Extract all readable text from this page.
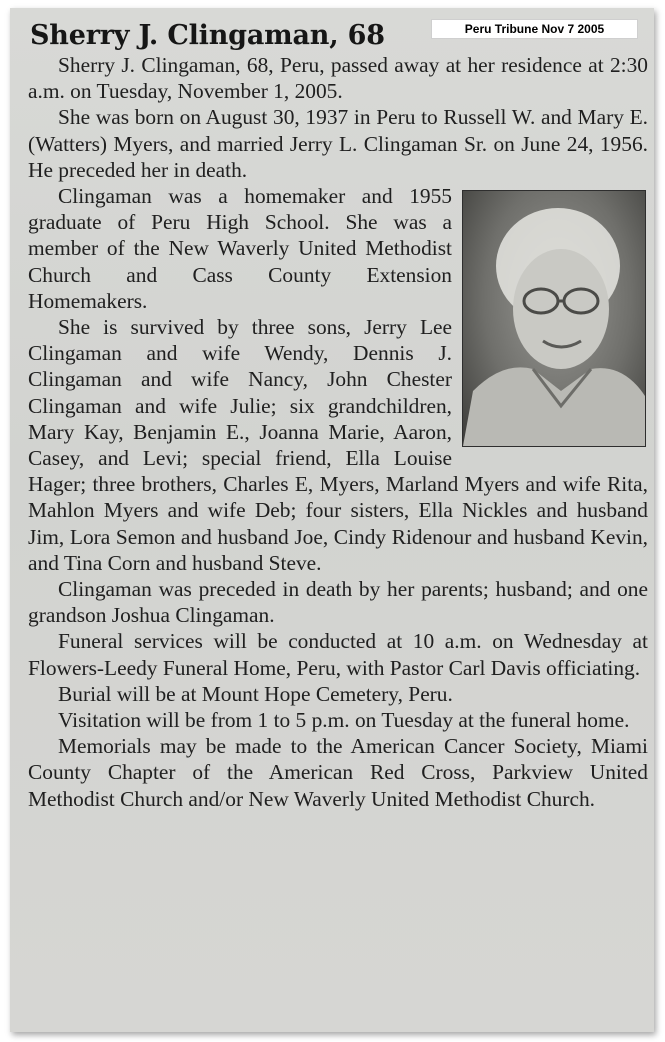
Peru Tribune Nov 7 2005
Sherry J. Clingaman, 68

Sherry J. Clingaman, 68, Peru, passed away at her residence at 2:30 a.m. on Tuesday, November 1, 2005.

She was born on August 30, 1937 in Peru to Russell W. and Mary E. (Watters) Myers, and married Jerry L. Clingaman Sr. on June 24, 1956. He preceded her in death.

Clingaman was a homemaker and 1955 graduate of Peru High School. She was a member of the New Waverly United Methodist Church and Cass County Extension Homemakers.

She is survived by three sons, Jerry Lee Clingaman and wife Wendy, Dennis J. Clingaman and wife Nancy, John Chester Clingaman and wife Julie; six grandchildren, Mary Kay, Benjamin E., Joanna Marie, Aaron, Casey, and Levi; special friend, Ella Louise Hager; three brothers, Charles E, Myers, Marland Myers and wife Rita, Mahlon Myers and wife Deb; four sisters, Ella Nickles and husband Jim, Lora Semon and husband Joe, Cindy Ridenour and husband Kevin, and Tina Corn and husband Steve.

Clingaman was preceded in death by her parents; husband; and one grandson Joshua Clingaman.

Funeral services will be conducted at 10 a.m. on Wednesday at Flowers-Leedy Funeral Home, Peru, with Pastor Carl Davis officiating.

Burial will be at Mount Hope Cemetery, Peru.

Visitation will be from 1 to 5 p.m. on Tuesday at the funeral home.

Memorials may be made to the American Cancer Society, Miami County Chapter of the American Red Cross, Parkview United Methodist Church and/or New Waverly United Methodist Church.
